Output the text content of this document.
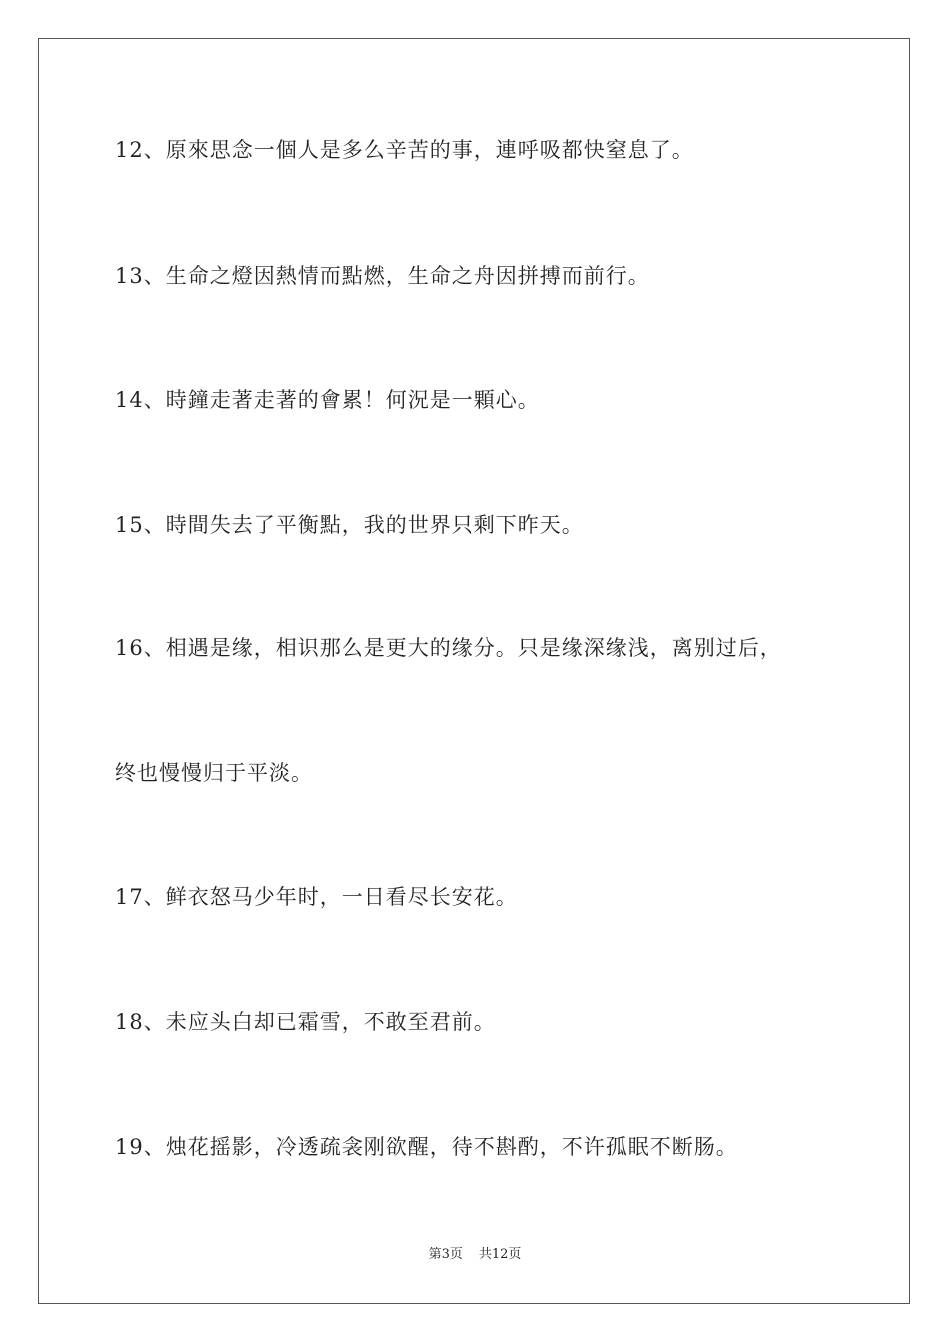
12、原來思念一個人是多么辛苦的事，連呼吸都快窒息了。
13、生命之燈因熱情而點燃，生命之舟因拼搏而前行。
14、時鐘走著走著的會累！何況是一顆心。
15、時間失去了平衡點，我的世界只剩下昨天。
16、相遇是缘，相识那么是更大的缘分。只是缘深缘浅，离别过后，
终也慢慢归于平淡。
17、鲜衣怒马少年时，一日看尽长安花。
18、未应头白却已霜雪，不敢至君前。
19、烛花摇影，冷透疏衾刚欲醒，待不斟酌，不许孤眠不断肠。
第3页 共12页
